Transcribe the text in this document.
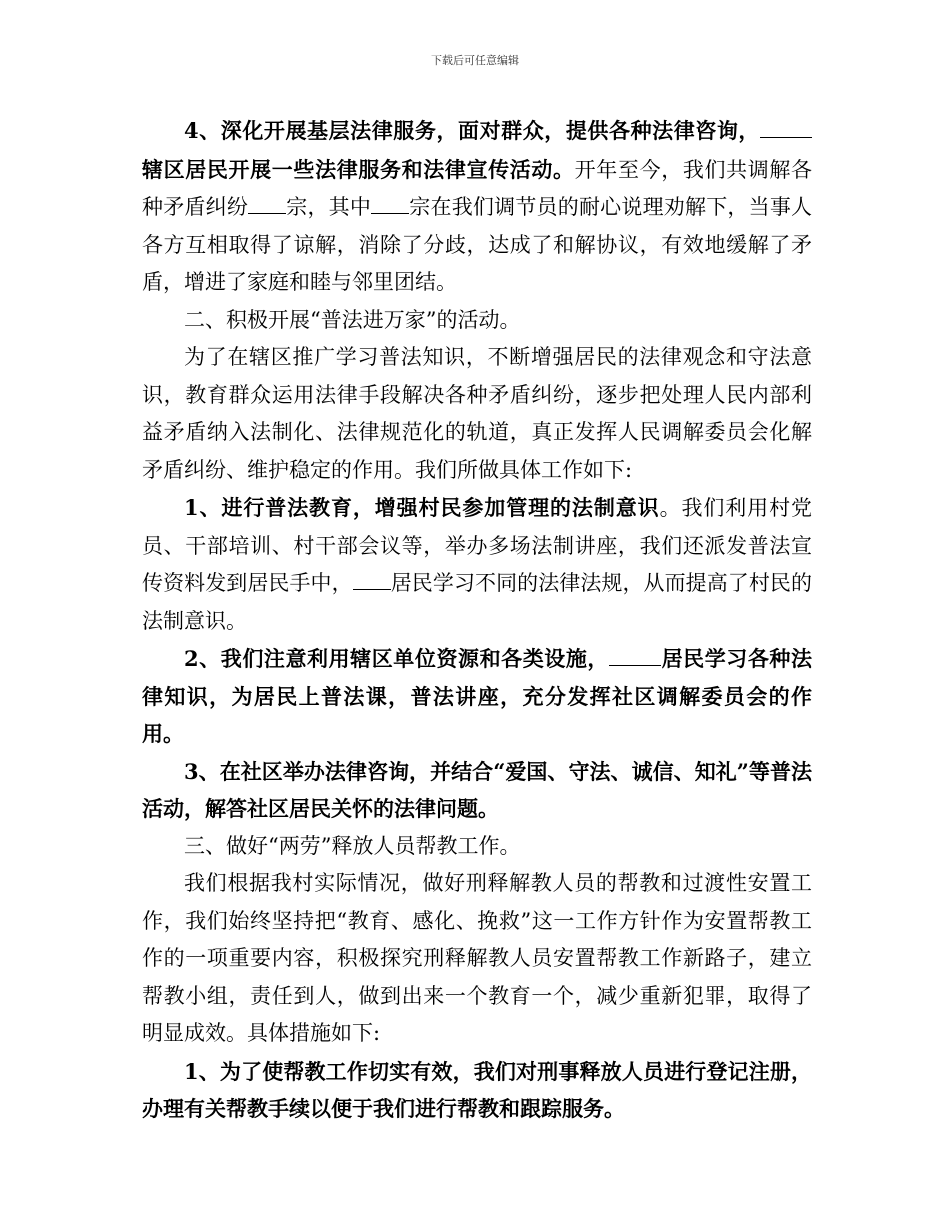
下载后可任意编辑

4、深化开展基层法律服务，面对群众，提供各种法律咨询，辖区居民开展一些法律服务和法律宣传活动。开年至今，我们共调解各种矛盾纠纷 宗，其中 宗在我们调节员的耐心说理劝解下，当事人各方互相取得了谅解，消除了分歧，达成了和解协议，有效地缓解了矛盾，增进了家庭和睦与邻里团结。

二、积极开展“普法进万家”的活动。

为了在辖区推广学习普法知识，不断增强居民的法律观念和守法意识，教育群众运用法律手段解决各种矛盾纠纷，逐步把处理人民内部利益矛盾纳入法制化、法律规范化的轨道，真正发挥人民调解委员会化解矛盾纠纷、维护稳定的作用。我们所做具体工作如下:

1、进行普法教育，增强村民参加管理的法制意识。我们利用村党员、干部培训、村干部会议等，举办多场法制讲座，我们还派发普法宣传资料发到居民手中， 居民学习不同的法律法规，从而提高了村民的法制意识。

2、我们注意利用辖区单位资源和各类设施， 居民学习各种法律知识，为居民上普法课，普法讲座，充分发挥社区调解委员会的作用。

3、在社区举办法律咨询，并结合“爱国、守法、诚信、知礼”等普法活动，解答社区居民关怀的法律问题。

三、做好“两劳”释放人员帮教工作。

我们根据我村实际情况，做好刑释解教人员的帮教和过渡性安置工作，我们始终坚持把“教育、感化、挽救”这一工作方针作为安置帮教工作的一项重要内容，积极探究刑释解教人员安置帮教工作新路子，建立帮教小组，责任到人，做到出来一个教育一个，减少重新犯罪，取得了明显成效。具体措施如下:

1、为了使帮教工作切实有效，我们对刑事释放人员进行登记注册，办理有关帮教手续以便于我们进行帮教和跟踪服务。
